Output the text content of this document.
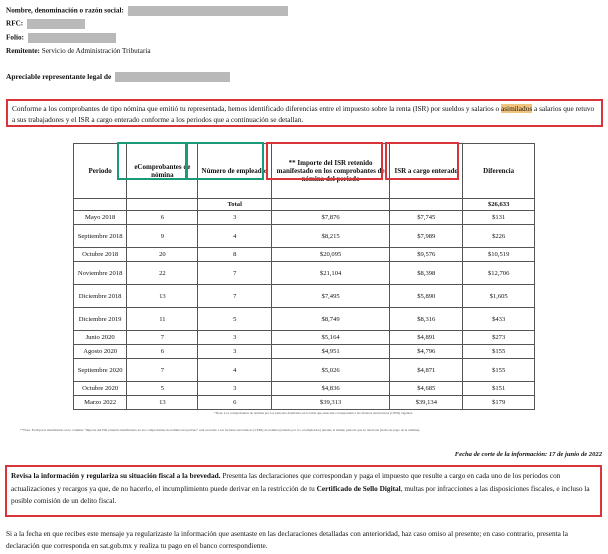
Nombre, denominación o razón social:
RFC:
Folio:
Remitente: Servicio de Administración Tributaria
Apreciable representante legal de
Conforme a los comprobantes de tipo nómina que emitió tu representada, hemos identificado diferencias entre el impuesto sobre la renta (ISR) por sueldos y salarios o asimilados a salarios que retuvo a sus trabajadores y el ISR a cargo enterado conforme a los periodos que a continuación se detallan.
Periodo	eComprobantes de nómina	Número de empleados	** Importe del ISR retenido manifestado en los comprobantes de nómina del periodo	ISR a cargo enterado	Diferencia
		Total			$26,633
Mayo 2018	6	3	$7,876	$7,745	$131
Septiembre 2018	9	4	$8,215	$7,989	$226
Octubre 2018	20	8	$20,095	$9,576	$10,519
Noviembre 2018	22	7	$21,104	$8,398	$12,706
Diciembre 2018	13	7	$7,495	$5,890	$1,605
Diciembre 2019	11	5	$8,749	$8,316	$433
Junio 2020	7	3	$5,164	$4,891	$273
Agosto 2020	6	3	$4,951	$4,796	$155
Septiembre 2020	7	4	$5,026	$4,871	$155
Octubre 2020	5	3	$4,836	$4,685	$151
Marzo 2022	13	6	$39,313	$39,134	$179
*Nota. Los comprobantes de nómina por los periodos detallados en la tabla que antecede corresponden a las facturas electrónicas (CFDI) vigentes.
**Nota. El importe manifestado en la columna "Importe del ISR retenido manifestado en los comprobantes de nómina del periodo" está asociado a las facturas electrónicas (CFDI) de nómina (tomado por ti o el empleador) durante el mismo periodo que se relaciona (fecha de pago de la nómina).
Fecha de corte de la información: 17 de junio de 2022
Revisa la información y regulariza su situación fiscal a la brevedad. Presenta las declaraciones que correspondan y paga el impuesto que resulte a cargo en cada uno de los periodos con actualizaciones y recargos ya que, de no hacerlo, el incumplimiento puede derivar en la restricción de tu Certificado de Sello Digital, multas por infracciones a las disposiciones fiscales, e incluso la posible comisión de un delito fiscal.
Si a la fecha en que recibes este mensaje ya regularizaste la información que asentaste en las declaraciones detalladas con anterioridad, haz caso omiso al presente; en caso contrario, presenta la declaración que corresponda en sat.gob.mx y realiza tu pago en el banco correspondiente.
